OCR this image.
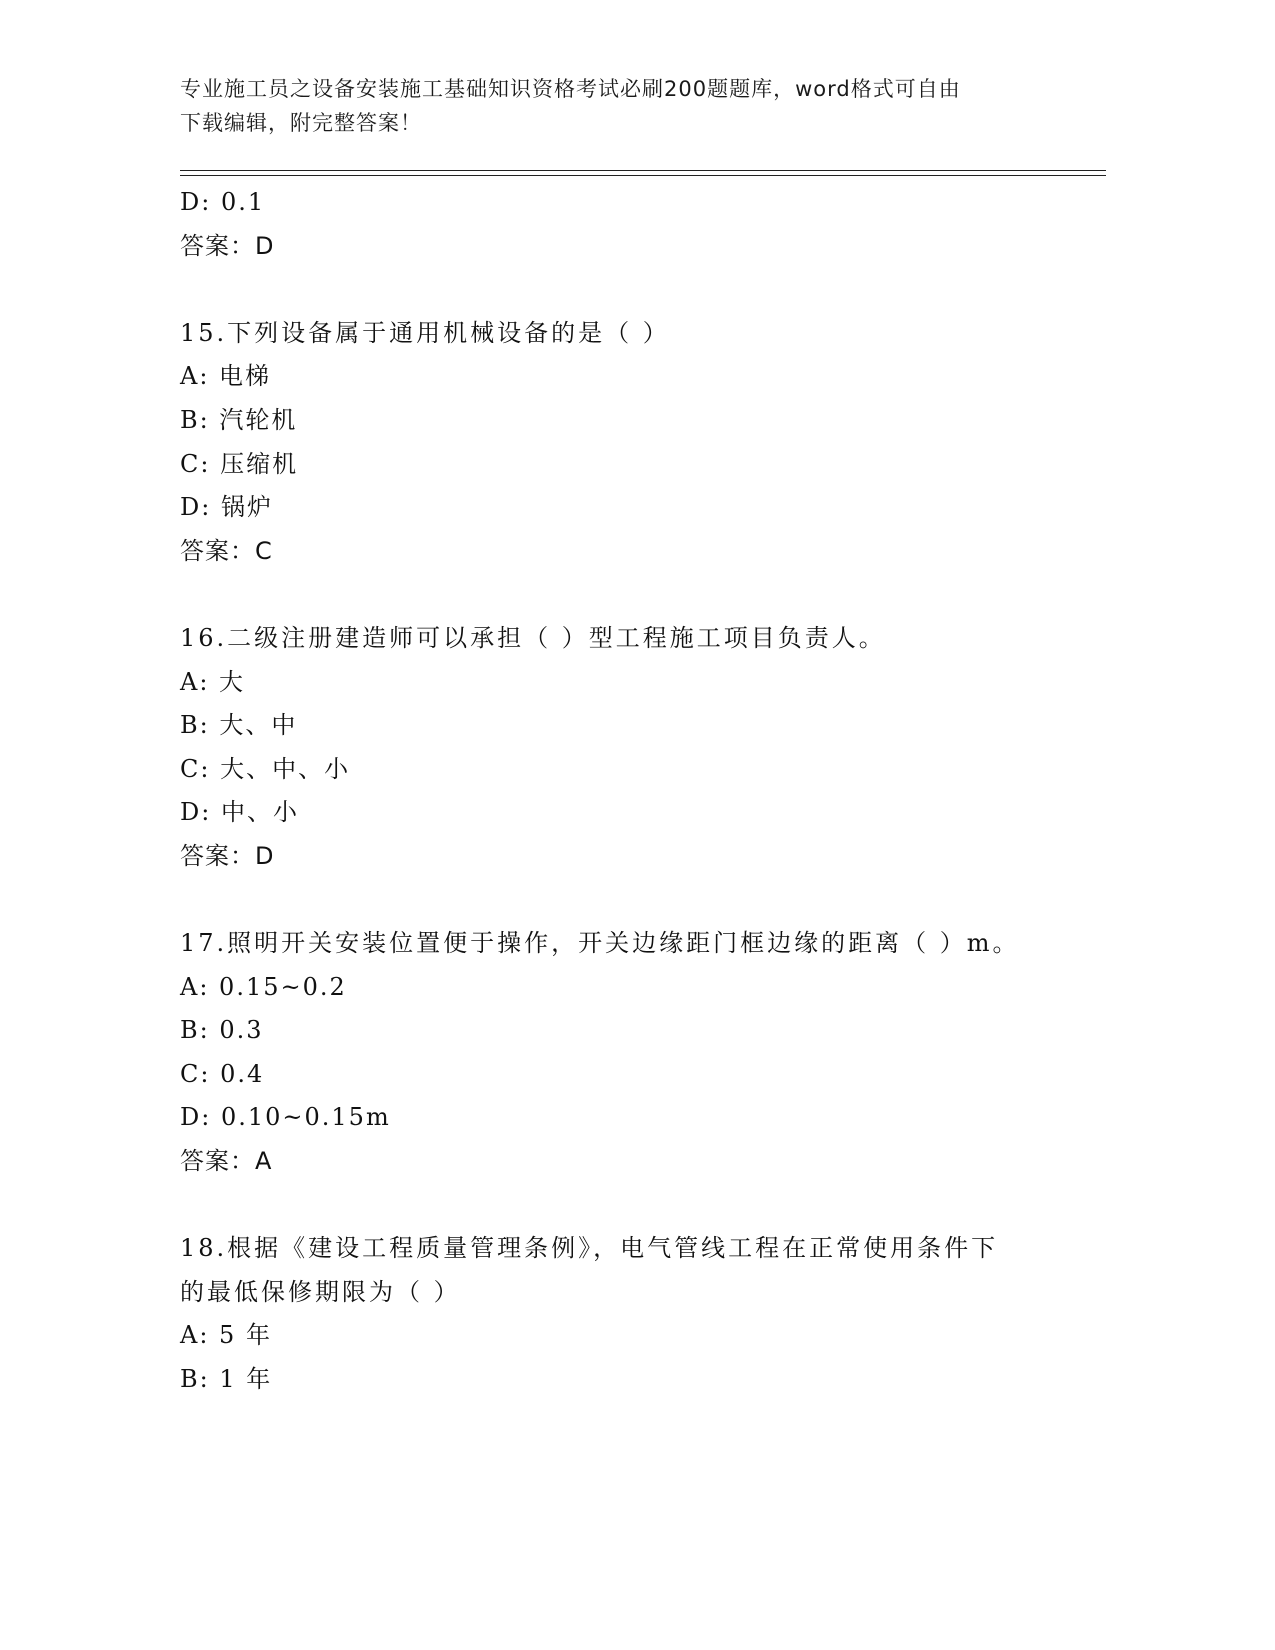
专业施工员之设备安装施工基础知识资格考试必刷200题题库，word格式可自由
下载编辑，附完整答案！
D: 0.1
答案：D
15.下列设备属于通用机械设备的是（ ）
A: 电梯
B: 汽轮机
C: 压缩机
D: 锅炉
答案：C
16.二级注册建造师可以承担（ ）型工程施工项目负责人。
A: 大
B: 大、中
C: 大、中、小
D: 中、小
答案：D
17.照明开关安装位置便于操作，开关边缘距门框边缘的距离（ ）m。
A: 0.15~0.2
B: 0.3
C: 0.4
D: 0.10~0.15m
答案：A
18.根据《建设工程质量管理条例》，电气管线工程在正常使用条件下
的最低保修期限为（ ）
A: 5 年
B: 1 年
